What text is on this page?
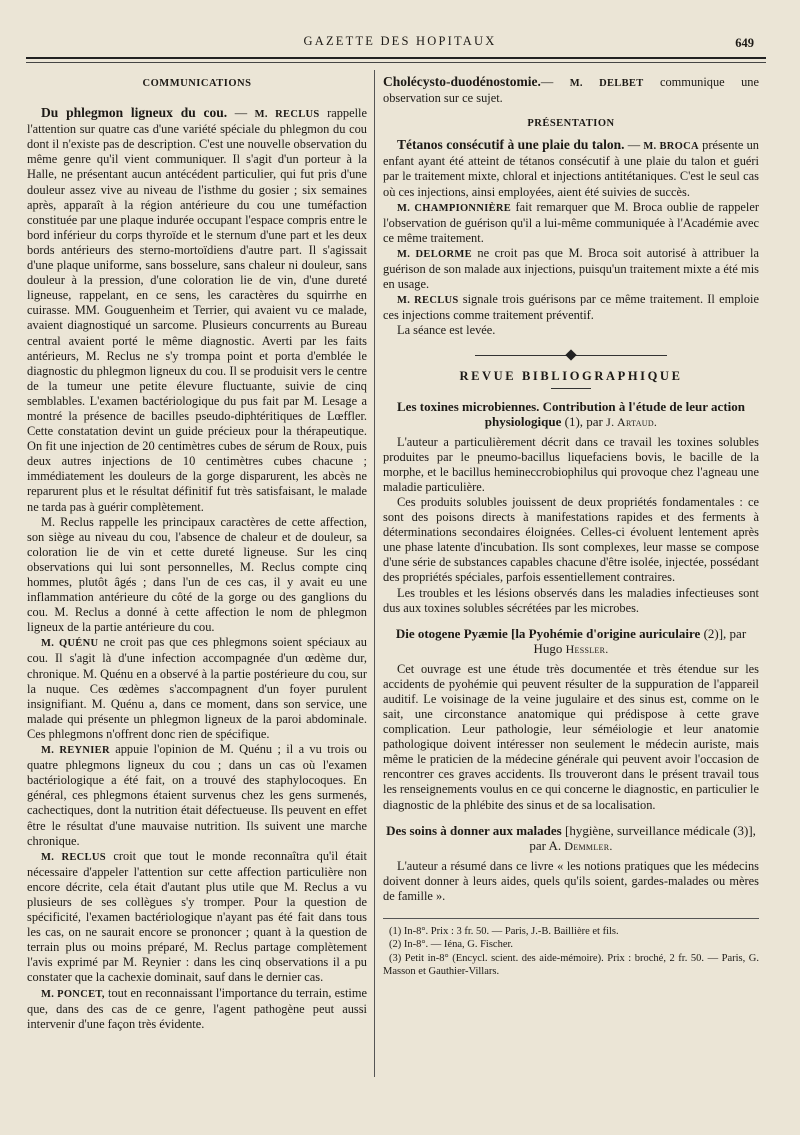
GAZETTE DES HOPITAUX	649
COMMUNICATIONS

Du phlegmon ligneux du cou. — M. RECLUS rappelle l'attention sur quatre cas d'une variété spéciale du phlegmon du cou dont il n'existe pas de description. C'est une nouvelle observation du même genre qu'il vient communiquer. Il s'agit d'un porteur à la Halle, ne présentant aucun antécédent particulier, qui fut pris d'une douleur assez vive au niveau de l'isthme du gosier ; six semaines après, apparaît à la région antérieure du cou une tuméfaction constituée par une plaque indurée occupant l'espace compris entre le bord inférieur du corps thyroïde et le sternum d'une part et les deux bords antérieurs des sterno-mortoïdiens d'autre part. Il s'agissait d'une plaque uniforme, sans bosselure, sans chaleur ni douleur, sans douleur à la pression, d'une coloration lie de vin, d'une dureté ligneuse, rappelant, en ce sens, les caractères du squirrhe en cuirasse. MM. Gouguenheim et Terrier, qui avaient vu ce malade, avaient diagnostiqué un sarcome. Plusieurs concurrents au Bureau central avaient porté le même diagnostic. Averti par les faits antérieurs, M. Reclus ne s'y trompa point et porta d'emblée le diagnostic du phlegmon ligneux du cou. Il se produisit vers le centre de la tumeur une petite élevure fluctuante, suivie de cinq semblables. L'examen bactériologique du pus fait par M. Lesage a montré la présence de bacilles pseudo-diphtéritiques de Lœffler. Cette constatation devint un guide précieux pour la thérapeutique. On fit une injection de 20 centimètres cubes de sérum de Roux, puis deux autres injections de 10 centimètres cubes chacune ; immédiatement les douleurs de la gorge disparurent, les abcès ne reparurent plus et le résultat définitif fut très satisfaisant, le malade ne tarda pas à guérir complètement.

M. Reclus rappelle les principaux caractères de cette affection, son siège au niveau du cou, l'absence de chaleur et de douleur, sa coloration lie de vin et cette dureté ligneuse. Sur les cinq observations qui lui sont personnelles, M. Reclus compte cinq hommes, plutôt âgés ; dans l'un de ces cas, il y avait eu une inflammation antérieure du côté de la gorge ou des ganglions du cou. M. Reclus a donné à cette affection le nom de phlegmon ligneux de la partie antérieure du cou.

M. QUÉNU ne croit pas que ces phlegmons soient spéciaux au cou. Il s'agit là d'une infection accompagnée d'un œdème dur, chronique. M. Quénu en a observé à la partie postérieure du cou, sur la nuque. Ces œdèmes s'accompagnent d'un foyer purulent insignifiant. M. Quénu a, dans ce moment, dans son service, une malade qui présente un phlegmon ligneux de la paroi abdominale. Ces phlegmons n'offrent donc rien de spécifique.

M. REYNIER appuie l'opinion de M. Quénu ; il a vu trois ou quatre phlegmons ligneux du cou ; dans un cas où l'examen bactériologique a été fait, on a trouvé des staphylocoques. En général, ces phlegmons étaient survenus chez les gens surmenés, cachectiques, dont la nutrition était défectueuse. Ils peuvent en effet être le résultat d'une mauvaise nutrition. Ils suivent une marche chronique.

M. RECLUS croit que tout le monde reconnaîtra qu'il était nécessaire d'appeler l'attention sur cette affection particulière non encore décrite, cela était d'autant plus utile que M. Reclus a vu plusieurs de ses collègues s'y tromper. Pour la question de spécificité, l'examen bactériologique n'ayant pas été fait dans tous les cas, on ne saurait encore se prononcer ; quant à la question de terrain plus ou moins préparé, M. Reclus partage complètement l'avis exprimé par M. Reynier : dans les cinq observations il a pu constater que la cachexie dominait, sauf dans le dernier cas.

M. PONCET, tout en reconnaissant l'importance du terrain, estime que, dans des cas de ce genre, l'agent pathogène peut aussi intervenir d'une façon très évidente.

Cholécysto-duodénostomie.— M. DELBET communique une observation sur ce sujet.

PRÉSENTATION

Tétanos consécutif à une plaie du talon. — M. BROCA présente un enfant ayant été atteint de tétanos consécutif à une plaie du talon et guéri par le traitement mixte, chloral et injections antitétaniques. C'est le seul cas où ces injections, ainsi employées, aient été suivies de succès.

M. CHAMPIONNIÈRE fait remarquer que M. Broca oublie de rappeler l'observation de guérison qu'il a lui-même communiquée à l'Académie avec ce même traitement.

M. DELORME ne croit pas que M. Broca soit autorisé à attribuer la guérison de son malade aux injections, puisqu'un traitement mixte a été mis en usage.

M. RECLUS signale trois guérisons par ce même traitement. Il emploie ces injections comme traitement préventif.

La séance est levée.

REVUE BIBLIOGRAPHIQUE
Les toxines microbiennes. Contribution à l'étude de leur action physiologique (1), par J. Artaud.

L'auteur a particulièrement décrit dans ce travail les toxines solubles produites par le pneumo-bacillus liquefaciens bovis, le bacille de la morphe, et le bacillus hemineccrobiophilus qui provoque chez l'agneau une maladie particulière.

Ces produits solubles jouissent de deux propriétés fondamentales : ce sont des poisons directs à manifestations rapides et des ferments à déterminations secondaires éloignées. Celles-ci évoluent lentement après une phase latente d'incubation. Ils sont complexes, leur masse se compose d'une série de substances capables chacune d'être isolée, injectée, possédant des propriétés spéciales, parfois essentiellement contraires.

Les troubles et les lésions observés dans les maladies infectieuses sont dus aux toxines solubles sécrétées par les microbes.

Die otogene Pyæmie [la Pyohémie d'origine auriculaire (2)], par Hugo Hessler.

Cet ouvrage est une étude très documentée et très étendue sur les accidents de pyohémie qui peuvent résulter de la suppuration de l'appareil auditif. Le voisinage de la veine jugulaire et des sinus est, comme on le sait, une circonstance anatomique qui prédispose à cette grave complication. Leur pathologie, leur séméiologie et leur anatomie pathologique doivent intéresser non seulement le médecin auriste, mais même le praticien de la médecine générale qui peuvent avoir l'occasion de rencontrer ces graves accidents. Ils trouveront dans le présent travail tous les renseignements voulus en ce qui concerne le diagnostic, en particulier le diagnostic de la phlébite des sinus et de sa localisation.

Des soins à donner aux malades [hygiène, surveillance médicale (3)], par A. Demmler.

L'auteur a résumé dans ce livre « les notions pratiques que les médecins doivent donner à leurs aides, quels qu'ils soient, gardes-malades ou mères de famille ».

(1) In-8°. Prix : 3 fr. 50. — Paris, J.-B. Baillière et fils.
(2) In-8°. — Iéna, G. Fischer.
(3) Petit in-8° (Encycl. scient. des aide-mémoire). Prix : broché, 2 fr. 50. — Paris, G. Masson et Gauthier-Villars.
